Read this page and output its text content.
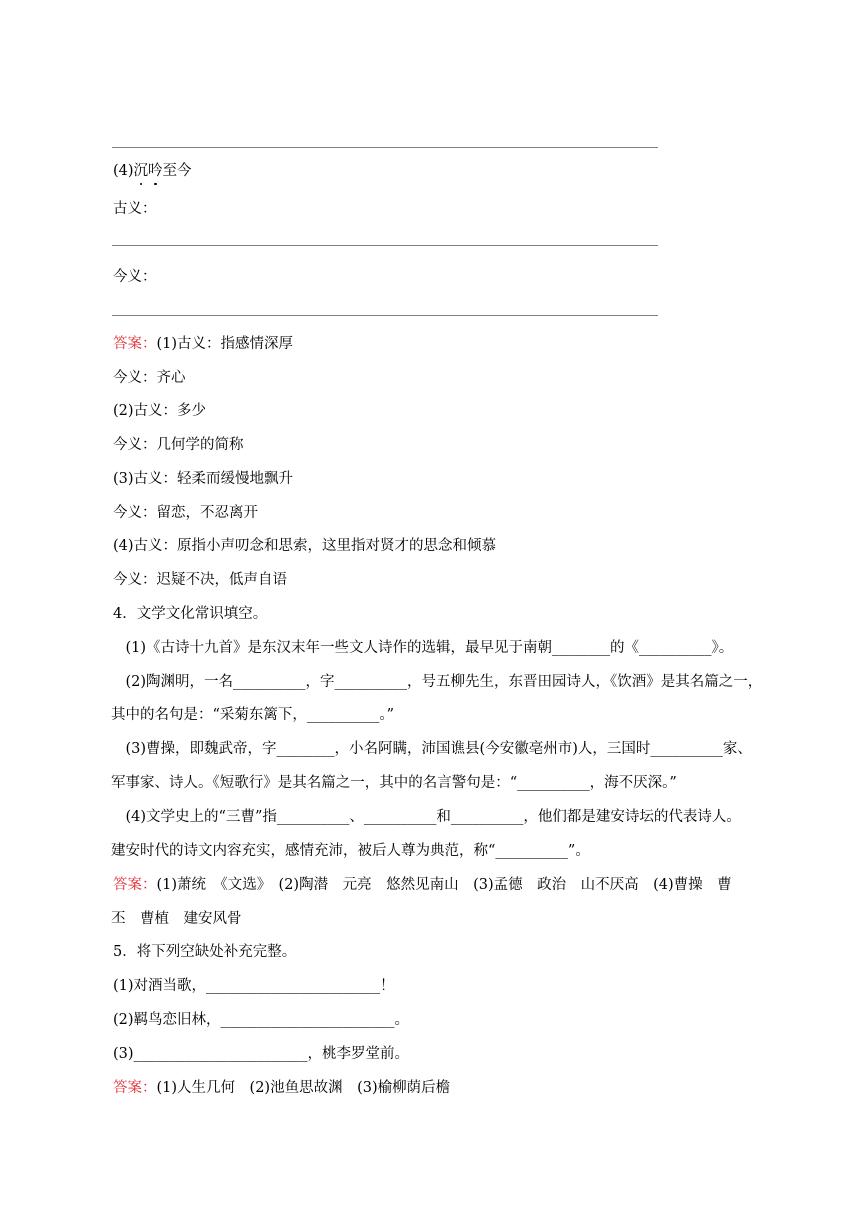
(4)沉吟至今
古义：
今义：
答案：(1)古义：指感情深厚
今义：齐心
(2)古义：多少
今义：几何学的简称
(3)古义：轻柔而缓慢地飘升
今义：留恋，不忍离开
(4)古义：原指小声叨念和思索，这里指对贤才的思念和倾慕
今义：迟疑不决，低声自语
4．文学文化常识填空。
　(1)《古诗十九首》是东汉末年一些文人诗作的选辑，最早见于南朝________的《__________》。
　(2)陶渊明，一名__________，字__________，号五柳先生，东晋田园诗人，《饮酒》是其名篇之一，
其中的名句是：“采菊东篱下，__________。”
　(3)曹操，即魏武帝，字________，小名阿瞒，沛国谯县(今安徽亳州市)人，三国时__________家、
军事家、诗人。《短歌行》是其名篇之一，其中的名言警句是：“__________，海不厌深。”
　(4)文学史上的“三曹”指__________、__________和__________，他们都是建安诗坛的代表诗人。
建安时代的诗文内容充实，感情充沛，被后人尊为典范，称“__________”。
答案：(1)萧统　《文选》　(2)陶潜　元亮　悠然见南山　(3)孟德　政治　山不厌高　(4)曹操　曹
丕　曹植　建安风骨
5．将下列空缺处补充完整。
(1)对酒当歌，________________________！
(2)羁鸟恋旧林，________________________。
(3)________________________，桃李罗堂前。
答案：(1)人生几何　(2)池鱼思故渊　(3)榆柳荫后檐
